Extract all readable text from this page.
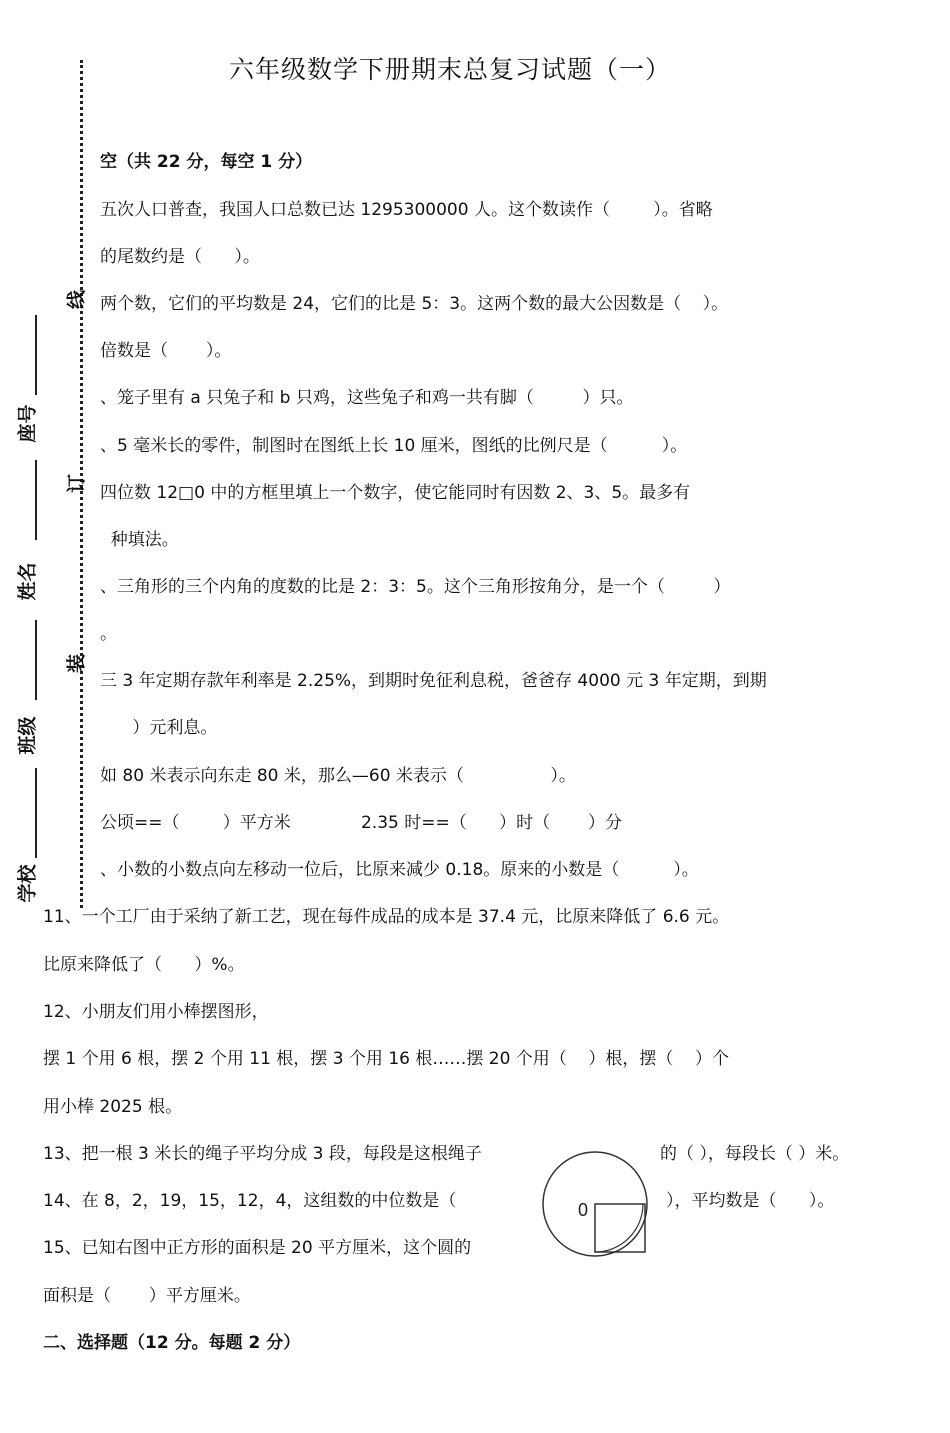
六年级数学下册期末总复习试题（一）
线
订
装
座号
姓名
班级
学校
空（共 22 分，每空 1 分）
五次人口普查，我国人口总数已达 1295300000 人。这个数读作（        ）。省略
的尾数约是（      ）。
两个数，它们的平均数是 24，它们的比是 5：3。这两个数的最大公因数是（    ）。
倍数是（       ）。
、笼子里有 a 只兔子和 b 只鸡，这些兔子和鸡一共有脚（         ）只。
、5 毫米长的零件，制图时在图纸上长 10 厘米，图纸的比例尺是（          ）。
四位数 12□0 中的方框里填上一个数字，使它能同时有因数 2、3、5。最多有
种填法。
、三角形的三个内角的度数的比是 2：3：5。这个三角形按角分，是一个（         ）
。
三 3 年定期存款年利率是 2.25%，到期时免征利息税，爸爸存 4000 元 3 年定期，到期
）元利息。
如 80 米表示向东走 80 米，那么—60 米表示（                ）。
公顷==（        ）平方米             2.35 时==（      ）时（       ）分
、小数的小数点向左移动一位后，比原来减少 0.18。原来的小数是（          ）。
11、一个工厂由于采纳了新工艺，现在每件成品的成本是 37.4 元，比原来降低了 6.6 元。
比原来降低了（      ）%。
12、小朋友们用小棒摆图形，
摆 1 个用 6 根，摆 2 个用 11 根，摆 3 个用 16 根……摆 20 个用（    ）根，摆（    ）个
用小棒 2025 根。
13、把一根 3 米长的绳子平均分成 3 段，每段是这根绳子	的（ ），每段长（ ）米。
14、在 8，2，19，15，12，4，这组数的中位数是（	），平均数是（      ）。
15、已知右图中正方形的面积是 20 平方厘米，这个圆的
面积是（       ）平方厘米。
0
二、选择题（12 分。每题 2 分）
